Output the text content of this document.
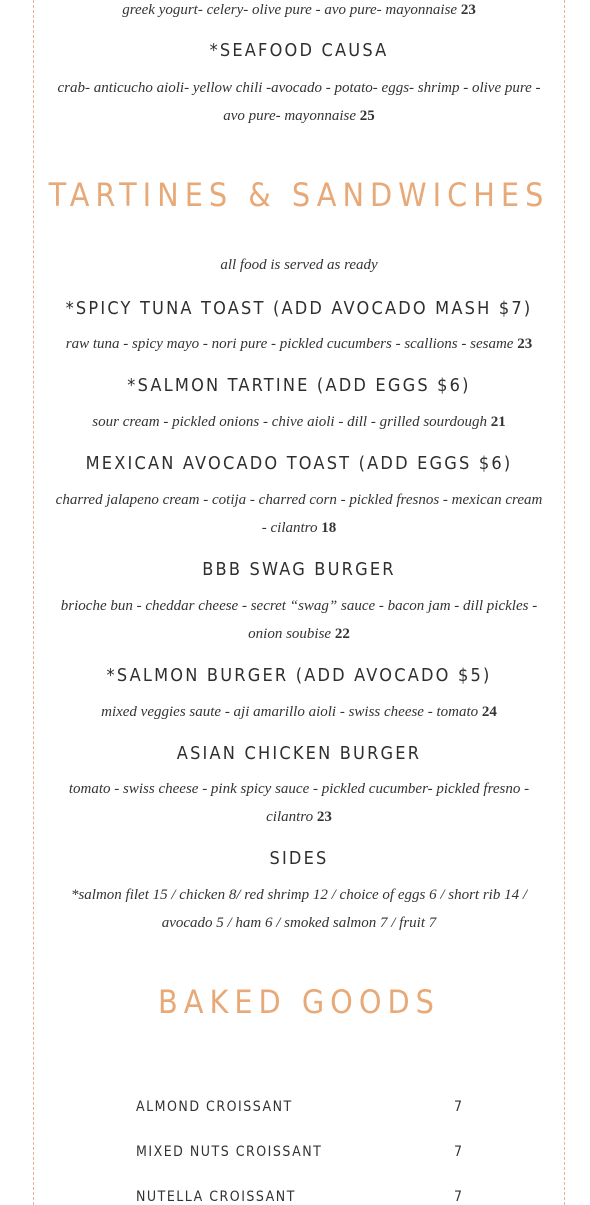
greek yogurt- celery- olive pure - avo pure- mayonnaise 23

*SEAFOOD CAUSA

crab- anticucho aioli- yellow chili -avocado - potato- eggs- shrimp - olive pure - avo pure- mayonnaise 25

TARTINES & SANDWICHES
all food is served as ready
*SPICY TUNA TOAST (ADD AVOCADO MASH $7)

raw tuna - spicy mayo - nori pure - pickled cucumbers - scallions - sesame 23

*SALMON TARTINE (ADD EGGS $6)

sour cream - pickled onions - chive aioli - dill - grilled sourdough 21

MEXICAN AVOCADO TOAST (ADD EGGS $6)

charred jalapeno cream - cotija - charred corn - pickled fresnos - mexican cream - cilantro 18

BBB SWAG BURGER

brioche bun - cheddar cheese - secret “swag” sauce - bacon jam - dill pickles - onion soubise 22

*SALMON BURGER (ADD AVOCADO $5)

mixed veggies saute - aji amarillo aioli - swiss cheese - tomato 24

ASIAN CHICKEN BURGER

tomato - swiss cheese - pink spicy sauce - pickled cucumber- pickled fresno - cilantro 23

SIDES

*salmon filet 15 / chicken 8/ red shrimp 12 / choice of eggs 6 / short rib 14 / avocado 5 / ham 6 / smoked salmon 7 / fruit 7

BAKED GOODS
ALMOND CROISSANT	7
MIXED NUTS CROISSANT	7
NUTELLA CROISSANT	7
